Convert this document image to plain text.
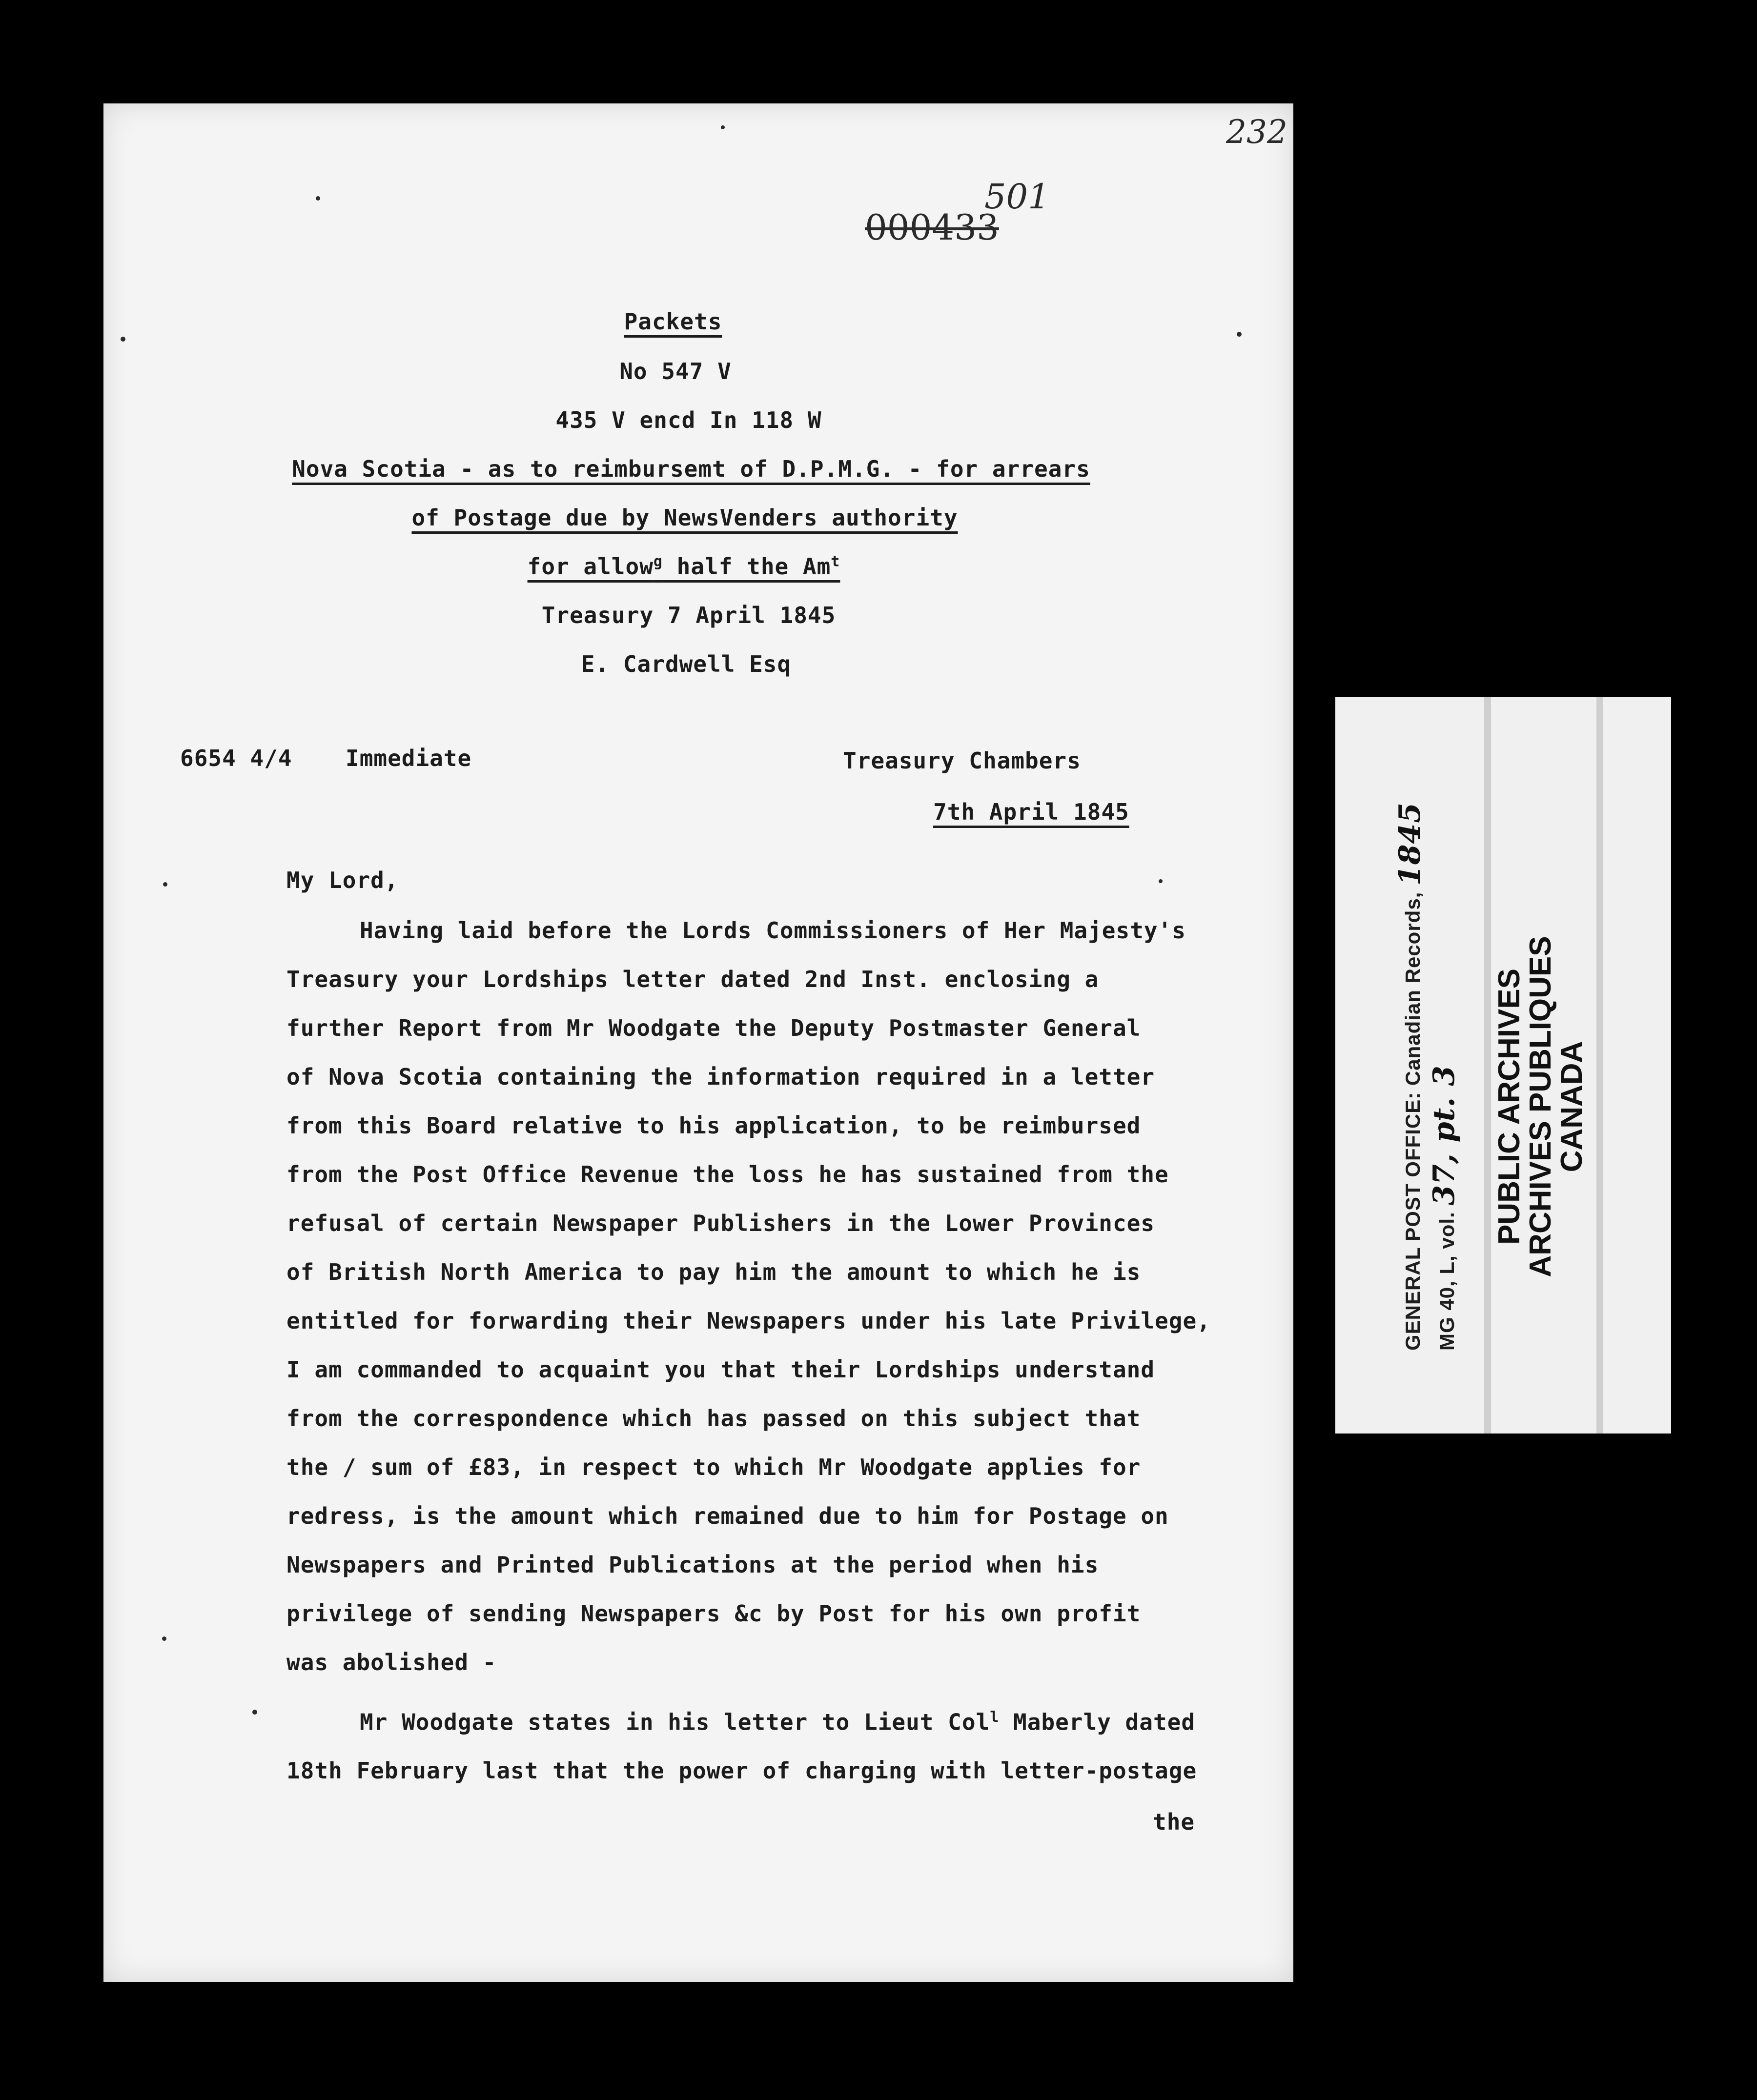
232
501
000433
Packets
No 547 V
435 V encd In 118 W
Nova Scotia - as to reimbursemt of D.P.M.G. - for arrears
of Postage due by NewsVenders authority
for allow$^g$ half the Am$^t$
Treasury 7 April 1845
E. Cardwell Esq
6654 4/4 Immediate	Treasury Chambers
7th April 1845
My Lord,
Having laid before the Lords Commissioners of Her Majesty's
Treasury your Lordships letter dated 2nd Inst. enclosing a
further Report from Mr Woodgate the Deputy Postmaster General
of Nova Scotia containing the information required in a letter
from this Board relative to his application, to be reimbursed
from the Post Office Revenue the loss he has sustained from the
refusal of certain Newspaper Publishers in the Lower Provinces
of British North America to pay him the amount to which he is
entitled for forwarding their Newspapers under his late Privilege,
I am commanded to acquaint you that their Lordships understand
from the correspondence which has passed on this subject that
the / sum of £83, in respect to which Mr Woodgate applies for
redress, is the amount which remained due to him for Postage on
Newspapers and Printed Publications at the period when his
privilege of sending Newspapers &c by Post for his own profit
was abolished -
Mr Woodgate states in his letter to Lieut Col$^l$ Maberly dated
18th February last that the power of charging with letter-postage
the
GENERAL POST OFFICE: Canadian Records, 1845
MG 40, L, vol. 37, pt. 3 PUBLIC ARCHIVES
ARCHIVES PUBLIQUES
CANADA
